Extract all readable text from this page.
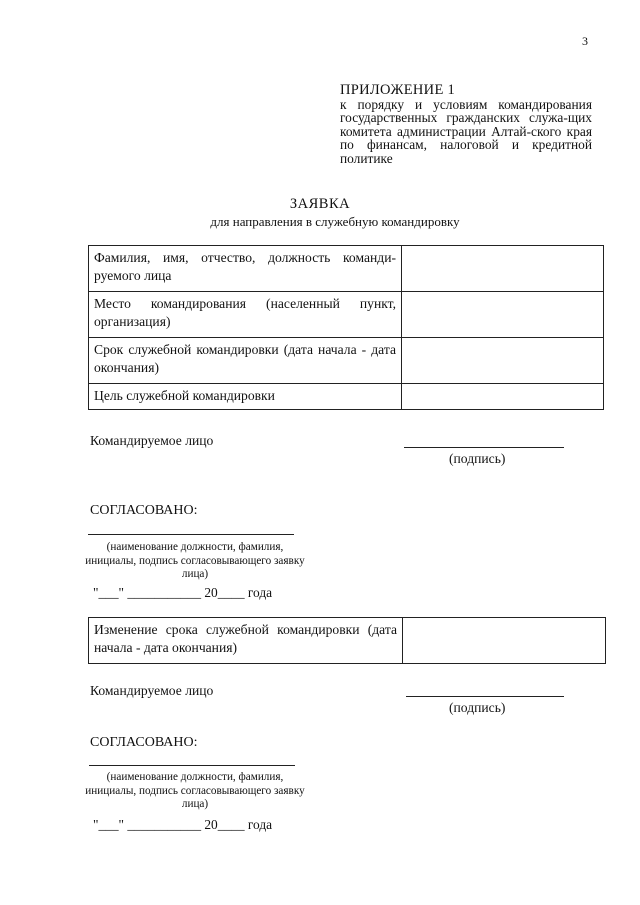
3
ПРИЛОЖЕНИЕ 1
к порядку и условиям командирования государственных гражданских служа-щих комитета администрации Алтай-ского края по финансам, налоговой и кредитной политике
ЗАЯВКА
для направления в служебную командировку
Фамилия, имя, отчество, должность команди-руемого лица	
Место командирования (населенный пункт, организация)	
Срок служебной командировки (дата начала - дата окончания)	
Цель служебной командировки	
Командируемое лицо
(подпись)
СОГЛАСОВАНО:
(наименование должности, фамилия, инициалы, подпись согласовывающего заявку лица)
"___" ___________ 20____ года
Изменение срока служебной командировки (дата начала - дата окончания)	
Командируемое лицо
(подпись)
СОГЛАСОВАНО:
(наименование должности, фамилия, инициалы, подпись согласовывающего заявку лица)
"___" ___________ 20____ года
